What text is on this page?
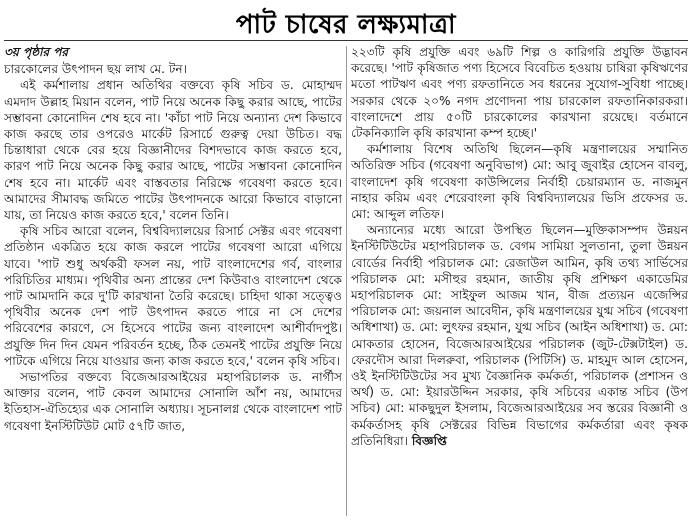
পাট চাষের লক্ষ্যমাত্রা

৩য় পৃষ্ঠার পর

চারকোলের উৎপাদন ছয় লাখ মে. টন।

এই কর্মশালায় প্রধান অতিথির বক্তব্যে কৃষি সচিব ড. মোহাম্মদ এমদাদ উল্লাহ মিয়ান বলেন, পাট নিয়ে অনেক কিছু করার আছে, পাটের সম্ভাবনা কোনোদিন শেষ হবে না। 'কাঁচা পাট নিয়ে অন্যান্য দেশ কিভাবে কাজ করছে তার ওপরেও মার্কেট রিসার্চে গুরুত্ব দেয়া উচিত। বদ্ধ চিন্তাধারা থেকে বের হয়ে বিজ্ঞানীদের বিশদভাবে কাজ করতে হবে, কারণ পাট নিয়ে অনেক কিছু করার আছে, পাটের সম্ভাবনা কোনোদিন শেষ হবে না। মার্কেট এবং বাস্তবতার নিরিক্ষে গবেষণা করতে হবে। আমাদের সীমাবদ্ধ জমিতে পাটের উৎপাদনকে আরো কিভাবে বাড়ানো যায়, তা নিয়েও কাজ করতে হবে,' বলেন তিনি।

কৃষি সচিব আরো বলেন, বিশ্ববিদ্যালয়ের রিসার্চ সেক্টর এবং গবেষণা প্রতিষ্ঠান একত্রিত হয়ে কাজ করলে পাটের গবেষণা আরো এগিয়ে যাবে। 'পাট শুধু অর্থকরী ফসল নয়, পাট বাংলাদেশের গর্ব, বাংলার পরিচিতির মাধ্যম। পৃথিবীর অন্য প্রান্তের দেশ কিউবাও বাংলাদেশ থেকে পাট আমদানি করে দু'টি কারখানা তৈরি করেছে। চাহিদা থাকা সত্ত্বেও পৃথিবীর অনেক দেশ পাট উৎপাদন করতে পারে না সে দেশের পরিবেশের কারণে, সে হিসেবে পাটের জন্য বাংলাদেশ আশীর্বাদপুষ্ট। প্রযুক্তি দিন দিন যেমন পরিবর্তন হচ্ছে, ঠিক তেমনই পাটের প্রযুক্তি নিয়ে পাটকে এগিয়ে নিয়ে যাওয়ার জন্য কাজ করতে হবে,' বলেন কৃষি সচিব।

সভাপতির বক্তব্যে বিজেআরআইয়ের মহাপরিচালক ড. নার্গীস আক্তার বলেন, পাট কেবল আমাদের সোনালি আঁশ নয়, আমাদের ইতিহাস-ঐতিহ্যের এক সোনালি অধ্যায়। সূচনালগ্ন থেকে বাংলাদেশ পাট গবেষণা ইনস্টিটিউট মোট ৫৭টি জাত,

২২৩টি কৃষি প্রযুক্তি এবং ৬৯টি শিল্প ও কারিগরি প্রযুক্তি উদ্ভাবন করেছে। 'পাট কৃষিজাত পণ্য হিসেবে বিবেচিত হওয়ায় চাষিরা কৃষিঋণের মতো পাটঋণ এবং পণ্য রফতানিতে সব ধরনের সুযোগ-সুবিধা পাচ্ছে। সরকার থেকে ২০% নগদ প্রণোদনা পায় চারকোল রফতানিকারকরা। বাংলাদেশে প্রায় ৫০টি চারকোলের কারখানা রয়েছে। বর্তমানে টেকনিক্যালি কৃষি কারখানা কম্প হচ্ছে।'

কর্মশালায় বিশেষ অতিথি ছিলেন—কৃষি মন্ত্রণালয়ের সম্মানিত অতিরিক্ত সচিব (গবেষণা অনুবিভাগ) মো: আবু জুবাইর হোসেন বাবলু, বাংলাদেশ কৃষি গবেষণা কাউন্সিলের নির্বাহী চেয়ারম্যান ড. নাজমুন নাহার করিম এবং শেরেবাংলা কৃষি বিশ্ববিদ্যালয়ের ভিসি প্রফেসর ড. মো: আব্দুল লতিফ।

অন্যান্যের মধ্যে আরো উপস্থিত ছিলেন—মুক্তিকাসম্পদ উন্নয়ন ইনস্টিটিউটের মহাপরিচালক ড. বেগম সামিয়া সুলতানা, তুলা উন্নয়ন বোর্ডের নির্বাহী পরিচালক মো: রেজাউল আমিন, কৃষি তথ্য সার্ভিসের পরিচালক মো: মসীহুর রহমান, জাতীয় কৃষি প্রশিক্ষণ একাডেমির মহাপরিচালক মো: সাইফুল আজম খান, বীজ প্রত্যয়ন এজেন্সির পরিচালক মো: জয়নাল আবেদীন, কৃষি মন্ত্রণালয়ের যুগ্ম সচিব (গবেষণা অধিশাখা) ড. মো: লুৎফর রহমান, যুগ্ম সচিব (আইন অধিশাখা) ড. মো: মোকতার হোসেন, বিজেআরআইয়ের পরিচালক (জুট-টেক্সটাইল) ড. ফেরদৌস আরা দিলরুবা, পরিচালক (পিটিসি) ড. মাহমুদ আল হোসেন, ওই ইনস্টিটিউটের সব মুখ্য বৈজ্ঞানিক কর্মকর্তা, পরিচালক (প্রশাসন ও অর্থ) ড. মো: ইয়ারউদ্দিন সরকার, কৃষি সচিবের একান্ত সচিব (উপ সচিব) মো: মাকছুদুল ইসলাম, বিজেআরআইয়ের সব স্তরের বিজ্ঞানী ও কর্মকর্তাসহ কৃষি সেক্টরের বিভিন্ন বিভাগের কর্মকর্তারা এবং কৃষক প্রতিনিধিরা। বিজ্ঞপ্তি
